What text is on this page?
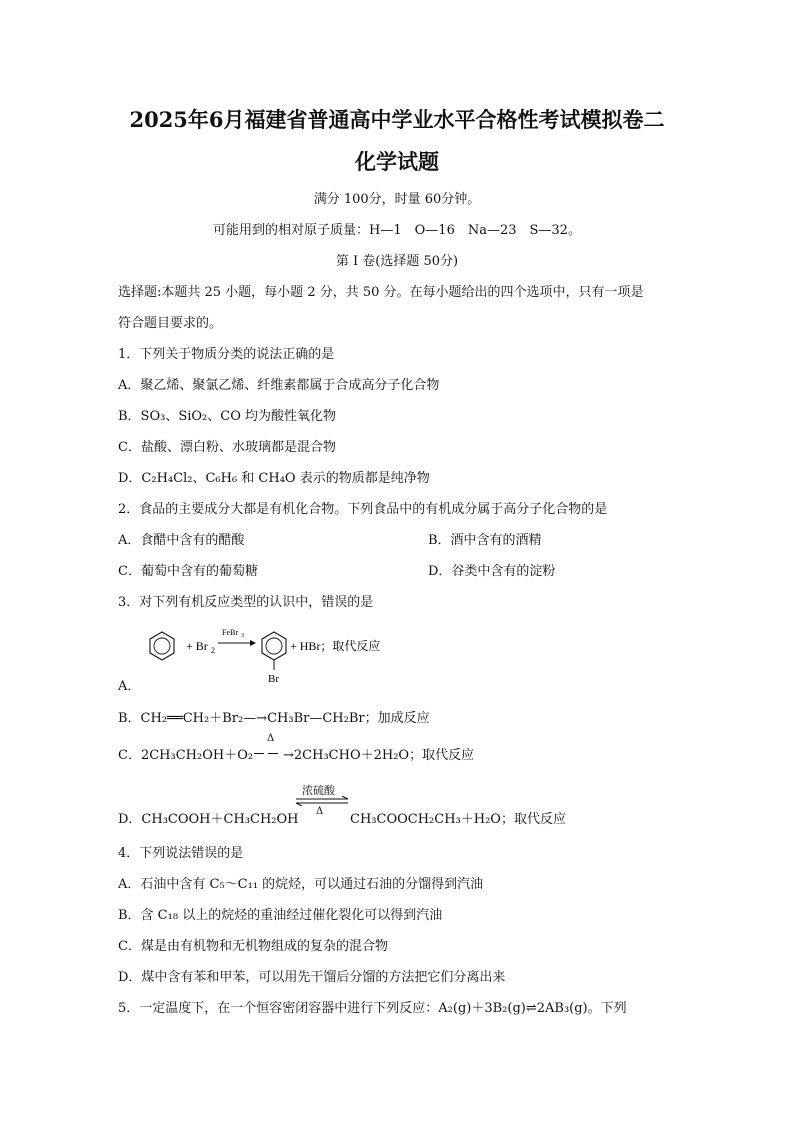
2025年6月福建省普通高中学业水平合格性考试模拟卷二
化学试题
满分 100分，时量 60分钟。
可能用到的相对原子质量：H—1　O—16　Na—23　S—32。
第 I 卷(选择题 50分)
选择题:本题共 25 小题，每小题 2 分，共 50 分。在每小题给出的四个选项中，只有一项是
符合题目要求的。
1．下列关于物质分类的说法正确的是
A．聚乙烯、聚氯乙烯、纤维素都属于合成高分子化合物
B．SO₃、SiO₂、CO 均为酸性氧化物
C．盐酸、漂白粉、水玻璃都是混合物
D．C₂H₄Cl₂、C₆H₆ 和 CH₄O 表示的物质都是纯净物
2．食品的主要成分大都是有机化合物。下列食品中的有机成分属于高分子化合物的是
A．食醋中含有的醋酸	B．酒中含有的酒精
C．葡萄中含有的葡萄糖	D．谷类中含有的淀粉
3．对下列有机反应类型的认识中，错误的是
+ Br 2
FeBr 3
Br
+ HBr；取代反应
A．
B．CH₂══CH₂＋Br₂—→CH₃Br—CH₂Br；加成反应
C．2CH₃CH₂OH＋O₂
Δ
→2CH₃CHO＋2H₂O；取代反应
D．CH₃COOH＋CH₃CH₂OH
浓硫酸
Δ
CH₃COOCH₂CH₃＋H₂O；取代反应
4．下列说法错误的是
A．石油中含有 C₅～C₁₁ 的烷烃，可以通过石油的分馏得到汽油
B．含 C₁₈ 以上的烷烃的重油经过催化裂化可以得到汽油
C．煤是由有机物和无机物组成的复杂的混合物
D．煤中含有苯和甲苯，可以用先干馏后分馏的方法把它们分离出来
5．一定温度下，在一个恒容密闭容器中进行下列反应：A₂(g)＋3B₂(g)⇌2AB₃(g)。下列
